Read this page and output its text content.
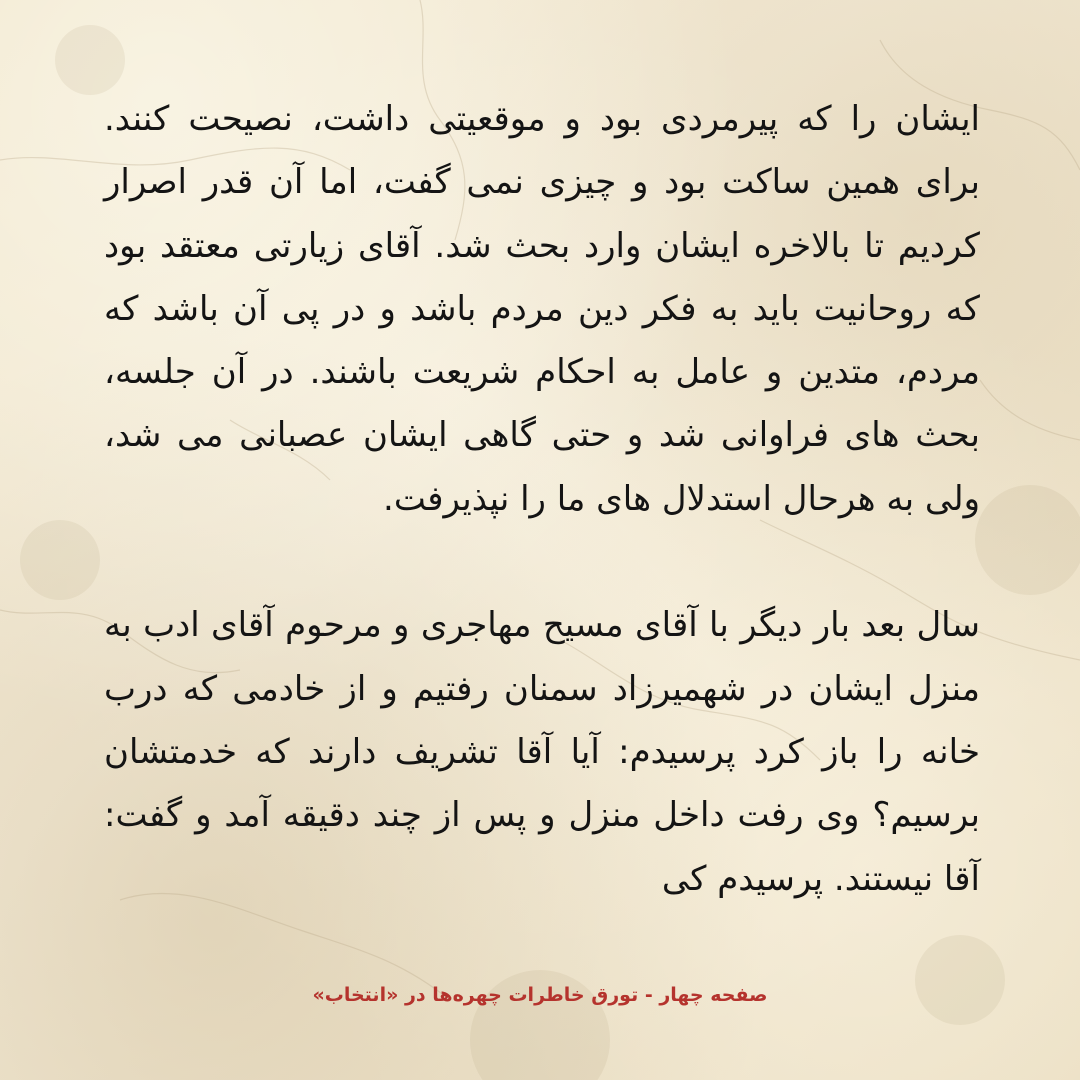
ایشان را که پیرمردی بود و موقعیتی داشت، نصیحت کنند. برای همین ساکت بود و چیزی نمی گفت، اما آن قدر اصرار کردیم تا بالاخره ایشان وارد بحث شد. آقای زیارتی معتقد بود که روحانیت باید به فکر دین مردم باشد و در پی آن باشد که مردم، متدین و عامل به احکام شریعت باشند. در آن جلسه، بحث های فراوانی شد و حتی گاهی ایشان عصبانی می شد، ولی به هرحال استدلال های ما را نپذیرفت.

سال بعد بار دیگر با آقای مسیح مهاجری و مرحوم آقای ادب به منزل ایشان در شهمیرزاد سمنان رفتیم و از خادمی که درب خانه را باز کرد پرسیدم: آیا آقا تشریف دارند که خدمتشان برسیم؟ وی رفت داخل منزل و پس از چند دقیقه آمد و گفت: آقا نیستند. پرسیدم کی

صفحه چهار - تورق خاطرات چهره‌ها در «انتخاب»
